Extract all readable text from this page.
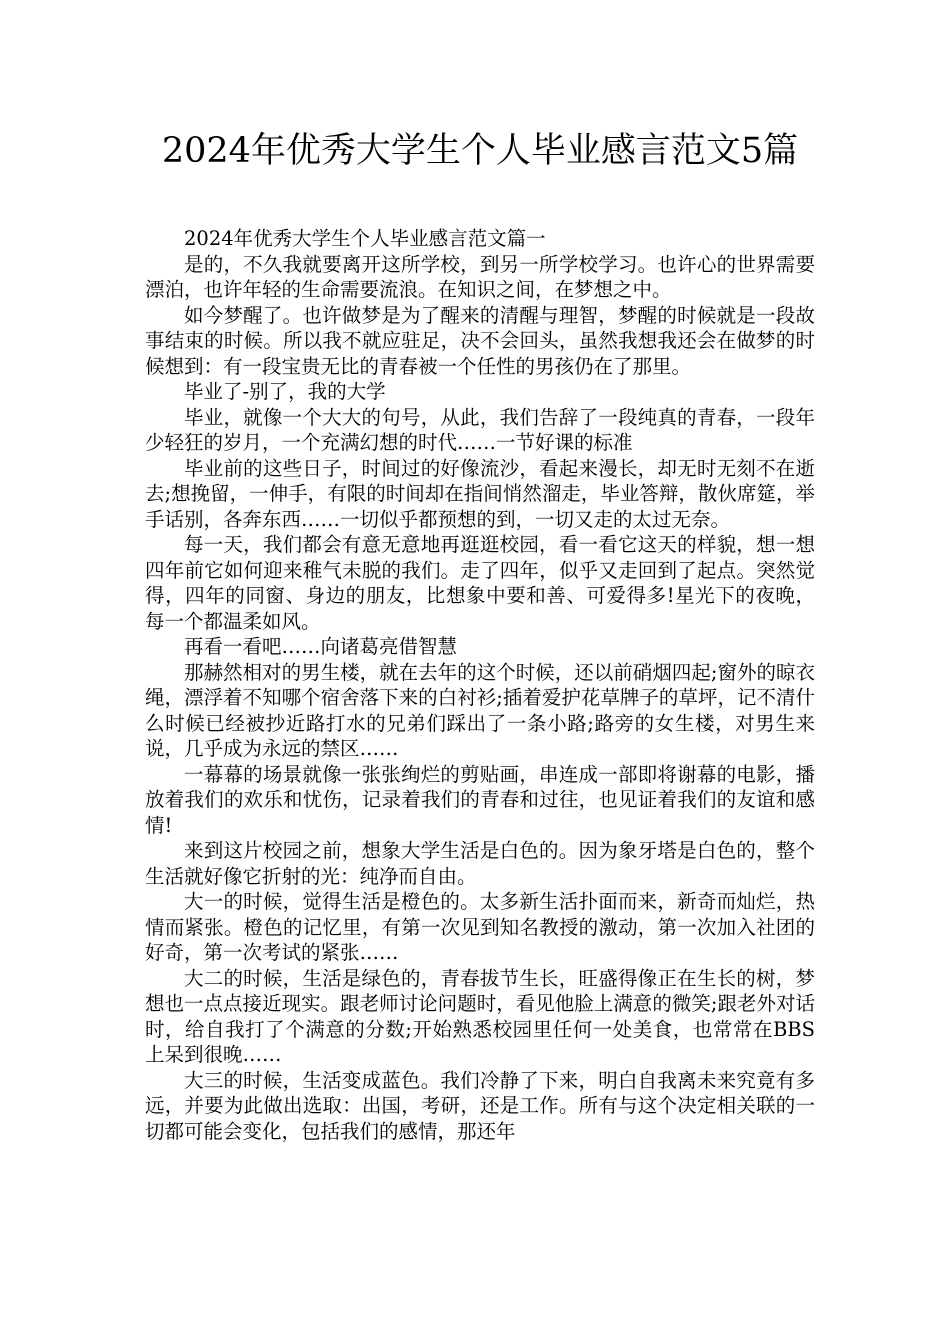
2024年优秀大学生个人毕业感言范文5篇

2024年优秀大学生个人毕业感言范文篇一

是的，不久我就要离开这所学校，到另一所学校学习。也许心的世界需要漂泊，也许年轻的生命需要流浪。在知识之间，在梦想之中。

如今梦醒了。也许做梦是为了醒来的清醒与理智，梦醒的时候就是一段故事结束的时候。所以我不就应驻足，决不会回头，虽然我想我还会在做梦的时候想到：有一段宝贵无比的青春被一个任性的男孩仍在了那里。

毕业了-别了，我的大学

毕业，就像一个大大的句号，从此，我们告辞了一段纯真的青春，一段年少轻狂的岁月，一个充满幻想的时代……一节好课的标准

毕业前的这些日子，时间过的好像流沙，看起来漫长，却无时无刻不在逝去;想挽留，一伸手，有限的时间却在指间悄然溜走，毕业答辩，散伙席筵，举手话别，各奔东西……一切似乎都预想的到，一切又走的太过无奈。

每一天，我们都会有意无意地再逛逛校园，看一看它这天的样貌，想一想四年前它如何迎来稚气未脱的我们。走了四年，似乎又走回到了起点。突然觉得，四年的同窗、身边的朋友，比想象中要和善、可爱得多!星光下的夜晚，每一个都温柔如风。

再看一看吧……向诸葛亮借智慧

那赫然相对的男生楼，就在去年的这个时候，还以前硝烟四起;窗外的晾衣绳，漂浮着不知哪个宿舍落下来的白衬衫;插着爱护花草牌子的草坪，记不清什么时候已经被抄近路打水的兄弟们踩出了一条小路;路旁的女生楼，对男生来说，几乎成为永远的禁区……

一幕幕的场景就像一张张绚烂的剪贴画，串连成一部即将谢幕的电影，播放着我们的欢乐和忧伤，记录着我们的青春和过往，也见证着我们的友谊和感情!

来到这片校园之前，想象大学生活是白色的。因为象牙塔是白色的，整个生活就好像它折射的光：纯净而自由。

大一的时候，觉得生活是橙色的。太多新生活扑面而来，新奇而灿烂，热情而紧张。橙色的记忆里，有第一次见到知名教授的激动，第一次加入社团的好奇，第一次考试的紧张……

大二的时候，生活是绿色的，青春拔节生长，旺盛得像正在生长的树，梦想也一点点接近现实。跟老师讨论问题时，看见他脸上满意的微笑;跟老外对话时，给自我打了个满意的分数;开始熟悉校园里任何一处美食，也常常在BBS上呆到很晚……

大三的时候，生活变成蓝色。我们冷静了下来，明白自我离未来究竟有多远，并要为此做出选取：出国，考研，还是工作。所有与这个决定相关联的一切都可能会变化，包括我们的感情，那还年
